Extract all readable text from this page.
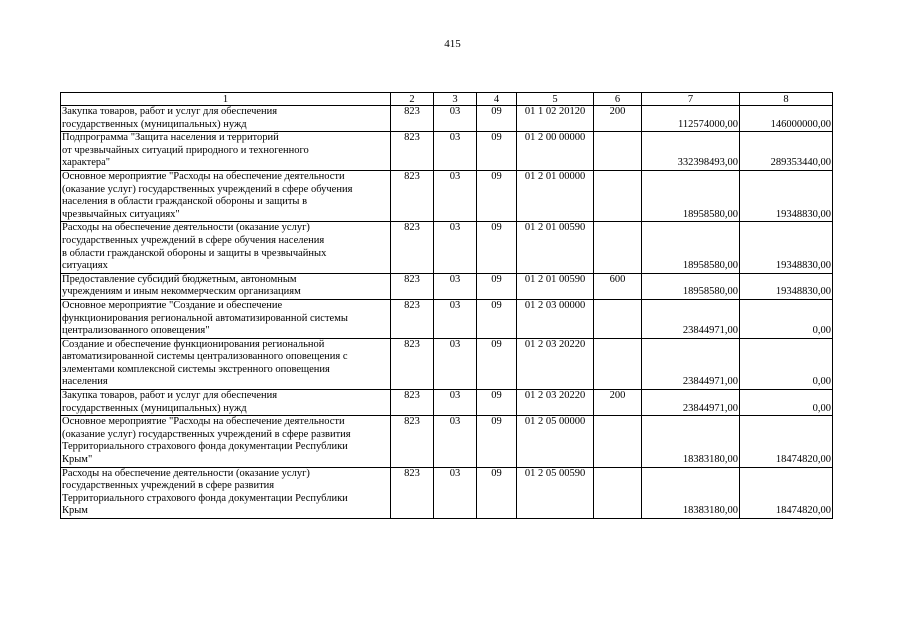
415
1	2	3	4	5	6	7	8

Закупка товаров, работ и услуг для обеспечения
государственных (муниципальных) нужд	823	03	09	01 1 02 20120	200	112574000,00	146000000,00

Подпрограмма "Защита населения и территорий
от чрезвычайных ситуаций природного и техногенного
характера"	823	03	09	01 2 00 00000		332398493,00	289353440,00

Основное мероприятие "Расходы на обеспечение деятельности
(оказание услуг) государственных учреждений в сфере обучения
населения в области гражданской обороны и защиты в
чрезвычайных ситуациях"	823	03	09	01 2 01 00000		18958580,00	19348830,00

Расходы на обеспечение деятельности (оказание услуг)
государственных учреждений в сфере обучения населения
в области гражданской обороны и защиты в чрезвычайных
ситуациях	823	03	09	01 2 01 00590		18958580,00	19348830,00

Предоставление субсидий бюджетным, автономным
учреждениям и иным некоммерческим организациям	823	03	09	01 2 01 00590	600	18958580,00	19348830,00

Основное мероприятие "Создание и обеспечение
функционирования региональной автоматизированной системы
централизованного оповещения"	823	03	09	01 2 03 00000		23844971,00	0,00

Создание и обеспечение функционирования региональной
автоматизированной системы централизованного оповещения с
элементами комплексной системы экстренного оповещения
населения	823	03	09	01 2 03 20220		23844971,00	0,00

Закупка товаров, работ и услуг для обеспечения
государственных (муниципальных) нужд	823	03	09	01 2 03 20220	200	23844971,00	0,00

Основное мероприятие "Расходы на обеспечение деятельности
(оказание услуг) государственных учреждений в сфере развития
Территориального страхового фонда документации Республики
Крым"	823	03	09	01 2 05 00000		18383180,00	18474820,00

Расходы на обеспечение деятельности (оказание услуг)
государственных учреждений в сфере развития
Территориального страхового фонда документации Республики
Крым	823	03	09	01 2 05 00590		18383180,00	18474820,00
